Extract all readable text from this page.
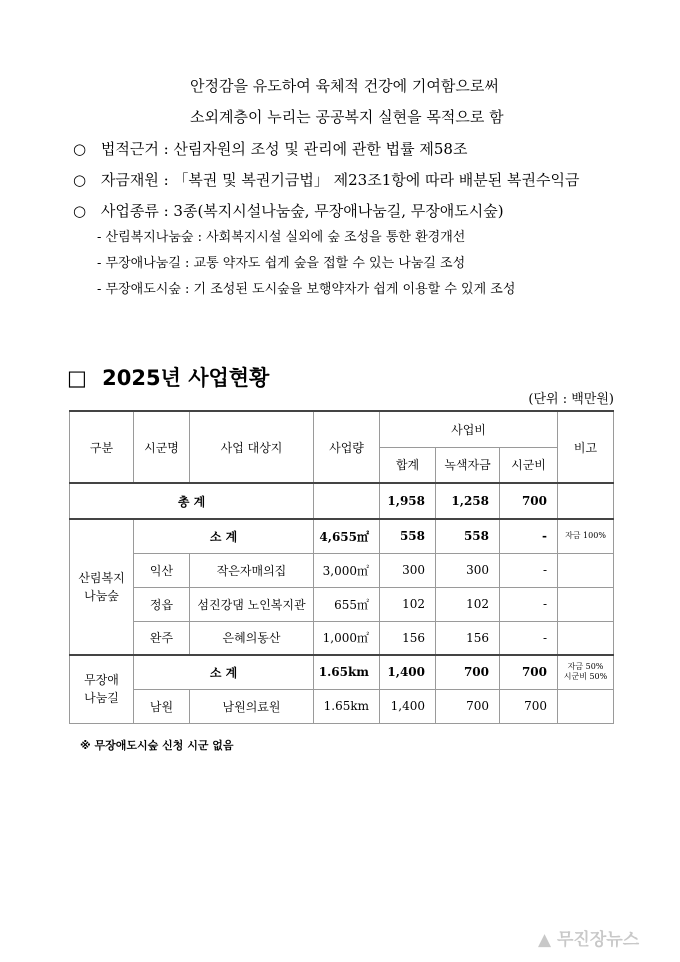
안정감을 유도하여 육체적 건강에 기여함으로써
소외계층이 누리는 공공복지 실현을 목적으로 함
○ 법적근거 : 산림자원의 조성 및 관리에 관한 법률 제58조
○ 자금재원 : 「복권 및 복권기금법」 제23조1항에 따라 배분된 복권수익금
○ 사업종류 : 3종(복지시설나눔숲, 무장애나눔길, 무장애도시숲)
- 산림복지나눔숲 : 사회복지시설 실외에 숲 조성을 통한 환경개선
- 무장애나눔길 : 교통 약자도 쉽게 숲을 접할 수 있는 나눔길 조성
- 무장애도시숲 : 기 조성된 도시숲을 보행약자가 쉽게 이용할 수 있게 조성
□ 2025년 사업현황
(단위 : 백만원)
구분	시군명	사업 대상지	사업량	사업비			비고
				합계	녹색자금	시군비	
총 계				1,958	1,258	700	
산림복지
나눔숲	소 계		4,655㎡	558	558	-	자금 100%
	익산	작은자매의집	3,000㎡	300	300	-	
	정읍	섬진강댐 노인복지관	655㎡	102	102	-	
	완주	은혜의동산	1,000㎡	156	156	-	
무장애
나눔길	소 계		1.65km	1,400	700	700	자금 50%
시군비 50%
	남원	남원의료원	1.65km	1,400	700	700	
※ 무장애도시숲 신청 시군 없음
▲ 무진장뉴스
